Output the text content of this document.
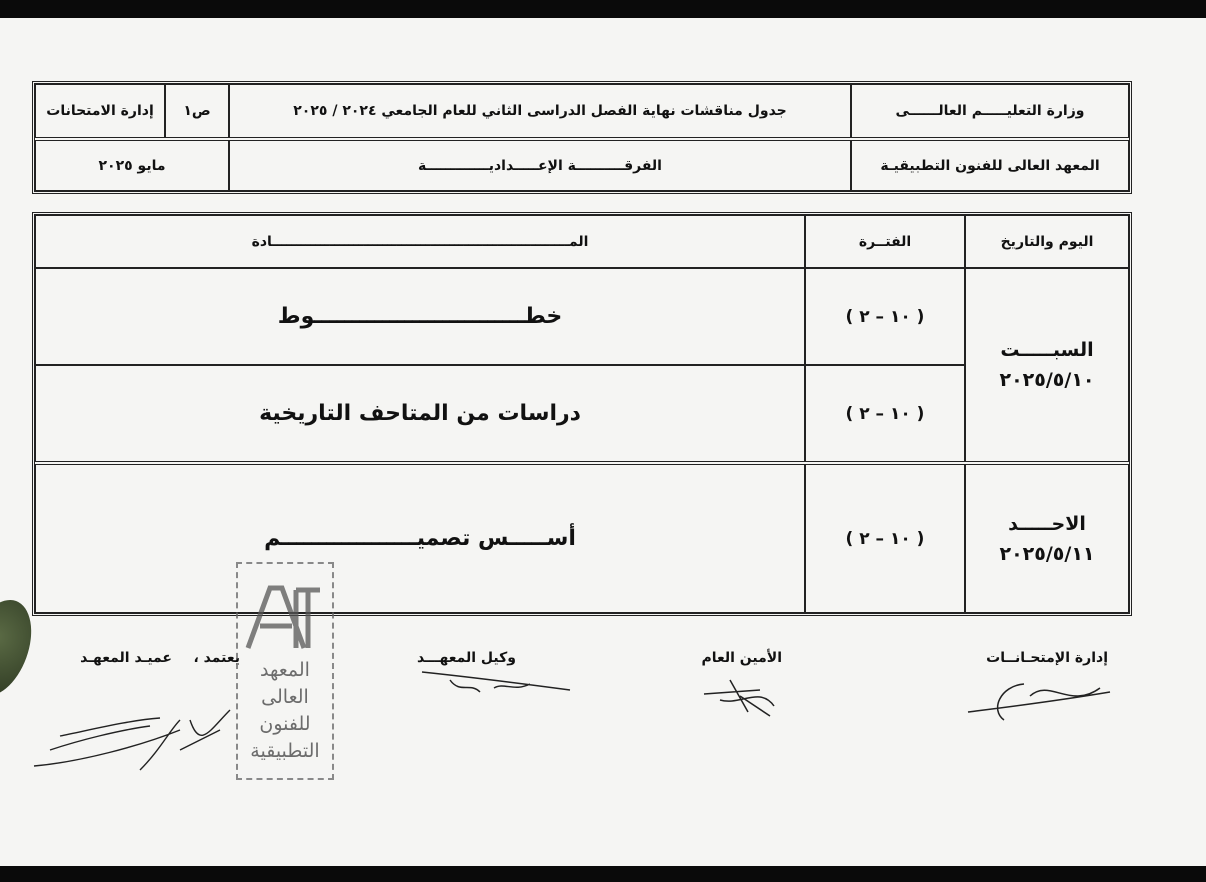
وزارة التعليـــــم العالــــــى
جدول مناقشات نهاية الفصل الدراسى الثاني للعام الجامعي ٢٠٢٤ / ٢٠٢٥
ص١
إدارة الامتحانات
المعهد العالى للفنون التطبيقيـة
الفرقــــــــــة الإعـــــداديـــــــــــــة
مايو ٢٠٢٥
اليوم والتاريخ
الفتــرة
المــــــــــــــــــــــــــــــــــــــــــــــــــــــــــــــادة
السبـــــت
٢٠٢٥/٥/١٠
( ١٠ – ٢ )
خطــــــــــــــــــــــــــــوط
( ١٠ – ٢ )
دراسات من المتاحف التاريخية
الاحـــــد
٢٠٢٥/٥/١١
( ١٠ – ٢ )
أســـــس تصميــــــــــــــــــم
إدارة الإمتحـانــات
الأمين العام
وكيل المعهـــد
يعتمد ،
عميـد المعهـد
المعهد
العالى
للفنون
التطبيقية
